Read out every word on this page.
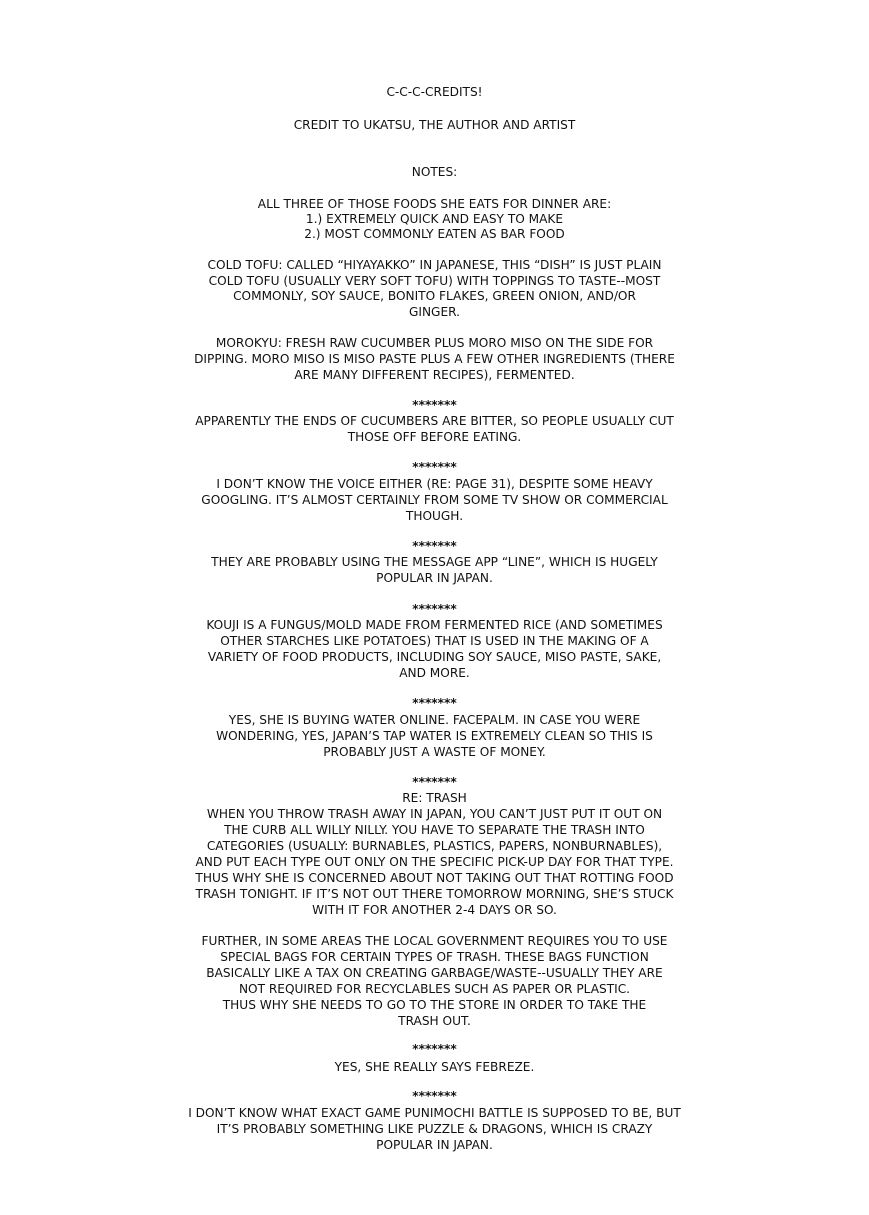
C-C-C-CREDITS!
CREDIT TO UKATSU, THE AUTHOR AND ARTIST
NOTES:
ALL THREE OF THOSE FOODS SHE EATS FOR DINNER ARE:
1.) EXTREMELY QUICK AND EASY TO MAKE
2.) MOST COMMONLY EATEN AS BAR FOOD
COLD TOFU: CALLED “HIYAYAKKO” IN JAPANESE, THIS “DISH” IS JUST PLAIN
COLD TOFU (USUALLY VERY SOFT TOFU) WITH TOPPINGS TO TASTE--MOST
COMMONLY, SOY SAUCE, BONITO FLAKES, GREEN ONION, AND/OR
GINGER.
MOROKYU: FRESH RAW CUCUMBER PLUS MORO MISO ON THE SIDE FOR
DIPPING. MORO MISO IS MISO PASTE PLUS A FEW OTHER INGREDIENTS (THERE
ARE MANY DIFFERENT RECIPES), FERMENTED.
*******
APPARENTLY THE ENDS OF CUCUMBERS ARE BITTER, SO PEOPLE USUALLY CUT
THOSE OFF BEFORE EATING.
*******
I DON’T KNOW THE VOICE EITHER (RE: PAGE 31), DESPITE SOME HEAVY
GOOGLING. IT’S ALMOST CERTAINLY FROM SOME TV SHOW OR COMMERCIAL
THOUGH.
*******
THEY ARE PROBABLY USING THE MESSAGE APP “LINE”, WHICH IS HUGELY
POPULAR IN JAPAN.
*******
KOUJI IS A FUNGUS/MOLD MADE FROM FERMENTED RICE (AND SOMETIMES
OTHER STARCHES LIKE POTATOES) THAT IS USED IN THE MAKING OF A
VARIETY OF FOOD PRODUCTS, INCLUDING SOY SAUCE, MISO PASTE, SAKE,
AND MORE.
*******
YES, SHE IS BUYING WATER ONLINE. FACEPALM. IN CASE YOU WERE
WONDERING, YES, JAPAN’S TAP WATER IS EXTREMELY CLEAN SO THIS IS
PROBABLY JUST A WASTE OF MONEY.
*******
RE: TRASH
WHEN YOU THROW TRASH AWAY IN JAPAN, YOU CAN’T JUST PUT IT OUT ON
THE CURB ALL WILLY NILLY. YOU HAVE TO SEPARATE THE TRASH INTO
CATEGORIES (USUALLY: BURNABLES, PLASTICS, PAPERS, NONBURNABLES),
AND PUT EACH TYPE OUT ONLY ON THE SPECIFIC PICK-UP DAY FOR THAT TYPE.
THUS WHY SHE IS CONCERNED ABOUT NOT TAKING OUT THAT ROTTING FOOD
TRASH TONIGHT. IF IT’S NOT OUT THERE TOMORROW MORNING, SHE’S STUCK
WITH IT FOR ANOTHER 2-4 DAYS OR SO.
FURTHER, IN SOME AREAS THE LOCAL GOVERNMENT REQUIRES YOU TO USE
SPECIAL BAGS FOR CERTAIN TYPES OF TRASH. THESE BAGS FUNCTION
BASICALLY LIKE A TAX ON CREATING GARBAGE/WASTE--USUALLY THEY ARE
NOT REQUIRED FOR RECYCLABLES SUCH AS PAPER OR PLASTIC.
THUS WHY SHE NEEDS TO GO TO THE STORE IN ORDER TO TAKE THE
TRASH OUT.
*******
YES, SHE REALLY SAYS FEBREZE.
*******
I DON’T KNOW WHAT EXACT GAME PUNIMOCHI BATTLE IS SUPPOSED TO BE, BUT
IT’S PROBABLY SOMETHING LIKE PUZZLE & DRAGONS, WHICH IS CRAZY
POPULAR IN JAPAN.
